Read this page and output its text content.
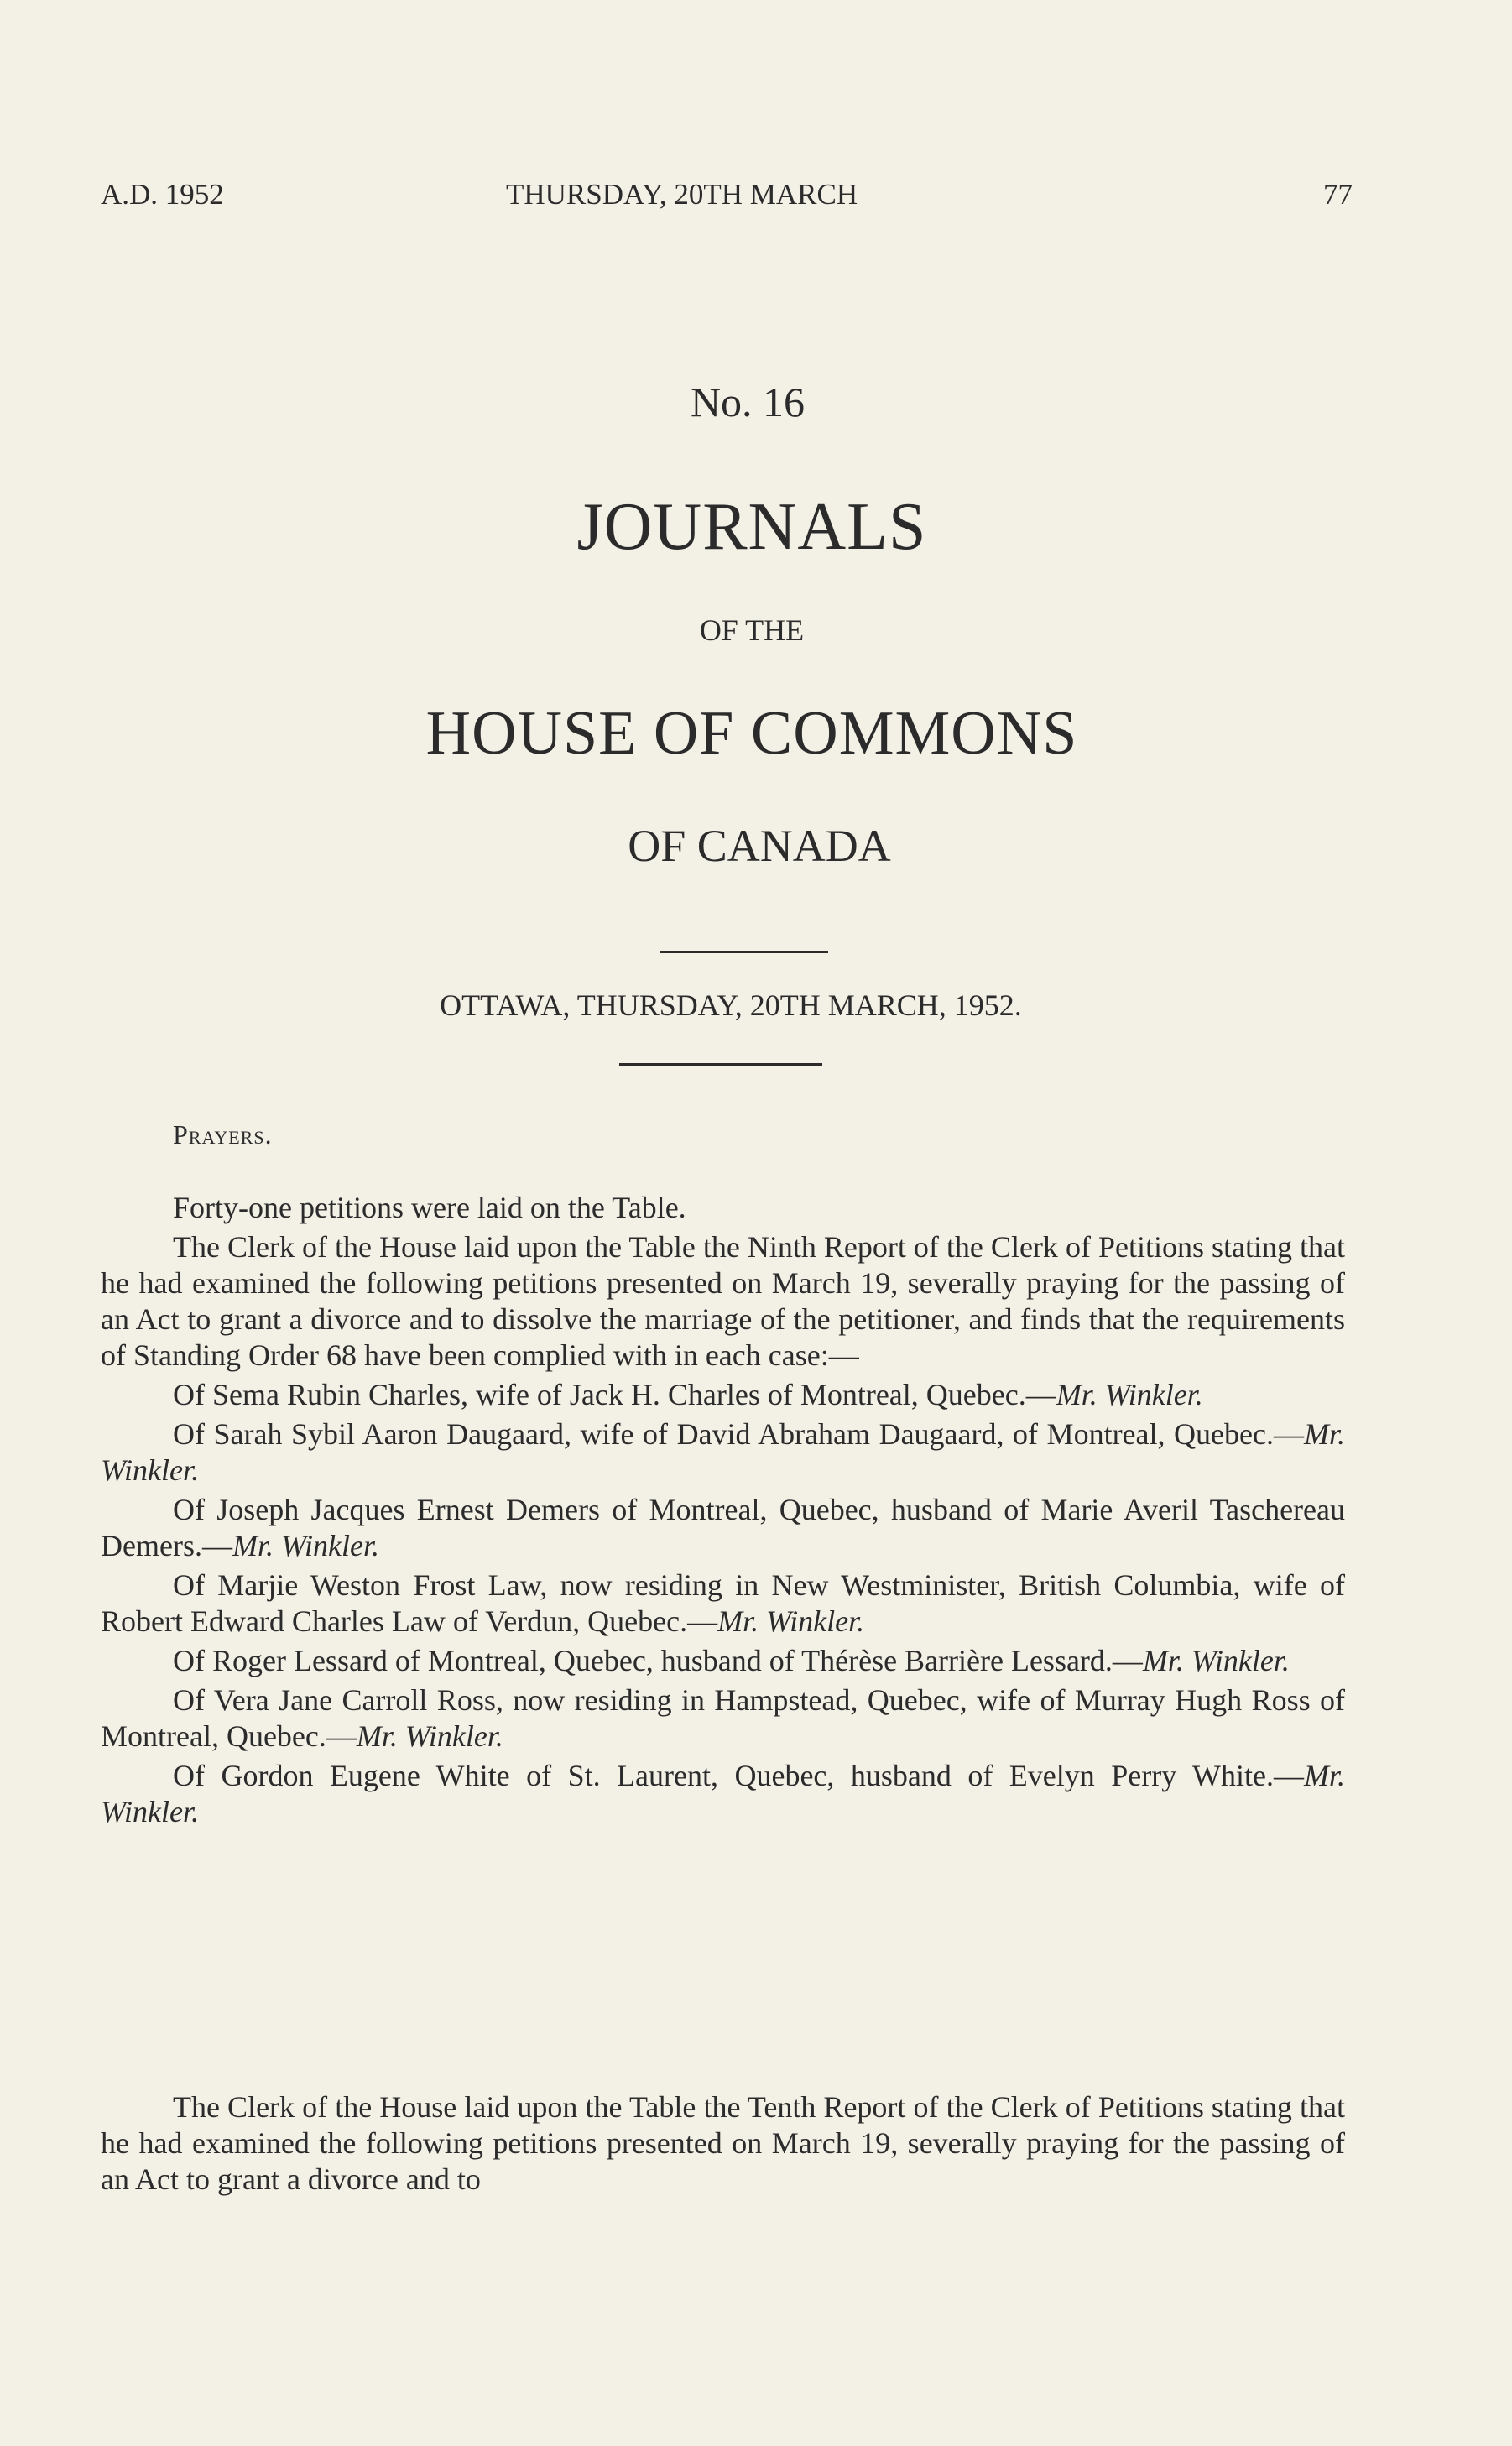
A.D. 1952	THURSDAY, 20TH MARCH	77
No. 16
JOURNALS
OF THE
HOUSE OF COMMONS
OF CANADA
OTTAWA, THURSDAY, 20TH MARCH, 1952.
Prayers.

Forty-one petitions were laid on the Table.

The Clerk of the House laid upon the Table the Ninth Report of the Clerk of Petitions stating that he had examined the following petitions presented on March 19, severally praying for the passing of an Act to grant a divorce and to dissolve the marriage of the petitioner, and finds that the requirements of Standing Order 68 have been complied with in each case:—

Of Sema Rubin Charles, wife of Jack H. Charles of Montreal, Quebec.—Mr. Winkler.

Of Sarah Sybil Aaron Daugaard, wife of David Abraham Daugaard, of Montreal, Quebec.—Mr. Winkler.

Of Joseph Jacques Ernest Demers of Montreal, Quebec, husband of Marie Averil Taschereau Demers.—Mr. Winkler.

Of Marjie Weston Frost Law, now residing in New Westminister, British Columbia, wife of Robert Edward Charles Law of Verdun, Quebec.—Mr. Winkler.

Of Roger Lessard of Montreal, Quebec, husband of Thérèse Barrière Lessard.—Mr. Winkler.

Of Vera Jane Carroll Ross, now residing in Hampstead, Quebec, wife of Murray Hugh Ross of Montreal, Quebec.—Mr. Winkler.

Of Gordon Eugene White of St. Laurent, Quebec, husband of Evelyn Perry White.—Mr. Winkler.

The Clerk of the House laid upon the Table the Tenth Report of the Clerk of Petitions stating that he had examined the following petitions presented on March 19, severally praying for the passing of an Act to grant a divorce and to
